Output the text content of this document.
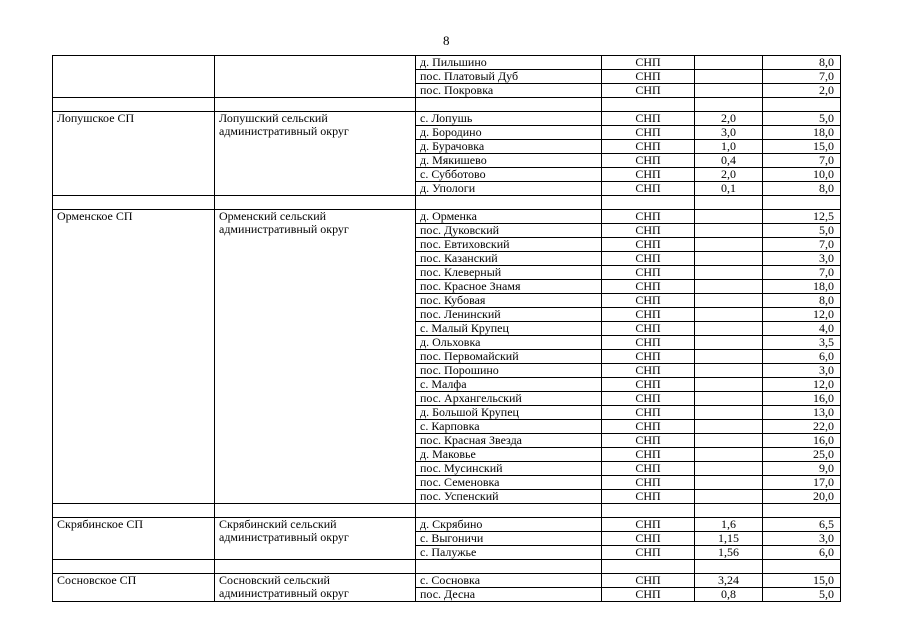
8
		д. Пильшино	СНП		8,0
		пос. Платовый Дуб	СНП		7,0
		пос. Покровка	СНП		2,0

Лопушское СП	Лопушский сельский административный округ	с. Лопушь	СНП	2,0	5,0
		д. Бородино	СНП	3,0	18,0
		д. Бурачовка	СНП	1,0	15,0
		д. Мякишево	СНП	0,4	7,0
		с. Субботово	СНП	2,0	10,0
		д. Упологи	СНП	0,1	8,0

Орменское СП	Орменский сельский административный округ	д. Орменка	СНП		12,5
		пос. Дуковский	СНП		5,0
		пос. Евтиховский	СНП		7,0
		пос. Казанский	СНП		3,0
		пос. Клеверный	СНП		7,0
		пос. Красное Знамя	СНП		18,0
		пос. Кубовая	СНП		8,0
		пос. Ленинский	СНП		12,0
		с. Малый Крупец	СНП		4,0
		д. Ольховка	СНП		3,5
		пос. Первомайский	СНП		6,0
		пос. Порошино	СНП		3,0
		с. Малфа	СНП		12,0
		пос. Архангельский	СНП		16,0
		д. Большой Крупец	СНП		13,0
		с. Карповка	СНП		22,0
		пос. Красная Звезда	СНП		16,0
		д. Маковье	СНП		25,0
		пос. Мусинский	СНП		9,0
		пос. Семеновка	СНП		17,0
		пос. Успенский	СНП		20,0

Скрябинское СП	Скрябинский сельский административный округ	д. Скрябино	СНП	1,6	6,5
		с. Выгоничи	СНП	1,15	3,0
		с. Палужье	СНП	1,56	6,0

Сосновское СП	Сосновский сельский административный округ	с. Сосновка	СНП	3,24	15,0
		пос. Десна	СНП	0,8	5,0
